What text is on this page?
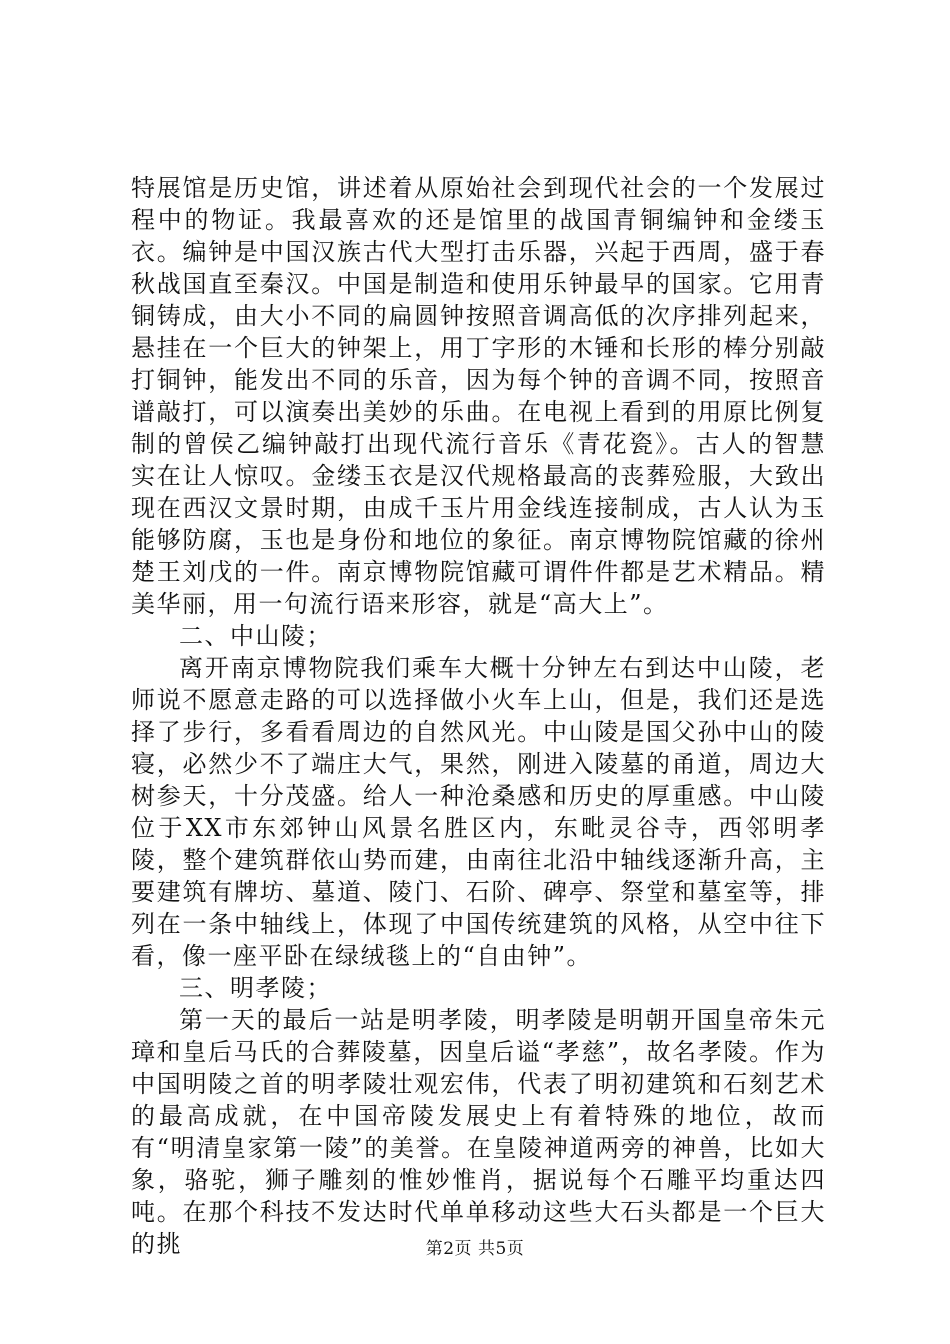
特展馆是历史馆，讲述着从原始社会到现代社会的一个发展过程中的物证。我最喜欢的还是馆里的战国青铜编钟和金缕玉衣。编钟是中国汉族古代大型打击乐器，兴起于西周，盛于春秋战国直至秦汉。中国是制造和使用乐钟最早的国家。它用青铜铸成，由大小不同的扁圆钟按照音调高低的次序排列起来，悬挂在一个巨大的钟架上，用丁字形的木锤和长形的棒分别敲打铜钟，能发出不同的乐音，因为每个钟的音调不同，按照音谱敲打，可以演奏出美妙的乐曲。在电视上看到的用原比例复制的曾侯乙编钟敲打出现代流行音乐《青花瓷》。古人的智慧实在让人惊叹。金缕玉衣是汉代规格最高的丧葬殓服，大致出现在西汉文景时期，由成千玉片用金线连接制成，古人认为玉能够防腐，玉也是身份和地位的象征。南京博物院馆藏的徐州楚王刘戊的一件。南京博物院馆藏可谓件件都是艺术精品。精美华丽，用一句流行语来形容，就是“高大上”。

二、中山陵；

离开南京博物院我们乘车大概十分钟左右到达中山陵，老师说不愿意走路的可以选择做小火车上山，但是，我们还是选择了步行，多看看周边的自然风光。中山陵是国父孙中山的陵寝，必然少不了端庄大气，果然，刚进入陵墓的甬道，周边大树参天，十分茂盛。给人一种沧桑感和历史的厚重感。中山陵位于XX市东郊钟山风景名胜区内，东毗灵谷寺，西邻明孝陵，整个建筑群依山势而建，由南往北沿中轴线逐渐升高，主要建筑有牌坊、墓道、陵门、石阶、碑亭、祭堂和墓室等，排列在一条中轴线上，体现了中国传统建筑的风格，从空中往下看，像一座平卧在绿绒毯上的“自由钟”。

三、明孝陵；

第一天的最后一站是明孝陵，明孝陵是明朝开国皇帝朱元璋和皇后马氏的合葬陵墓，因皇后谥“孝慈”，故名孝陵。作为中国明陵之首的明孝陵壮观宏伟，代表了明初建筑和石刻艺术的最高成就，在中国帝陵发展史上有着特殊的地位，故而有“明清皇家第一陵”的美誉。在皇陵神道两旁的神兽，比如大象，骆驼，狮子雕刻的惟妙惟肖，据说每个石雕平均重达四吨。在那个科技不发达时代单单移动这些大石头都是一个巨大的挑	第2页 共5页
